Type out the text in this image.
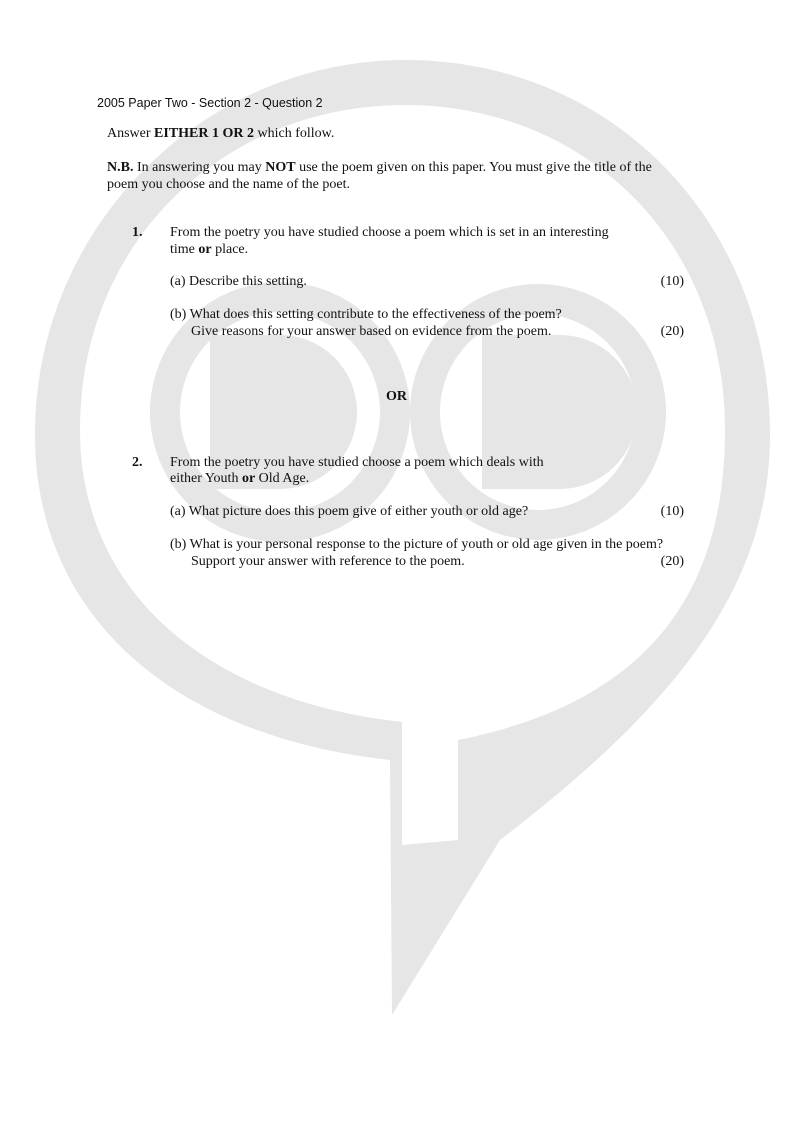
2005 Paper Two - Section 2 - Question 2
Answer EITHER 1 OR 2 which follow.
N.B. In answering you may NOT use the poem given on this paper. You must give the title of the
poem you choose and the name of the poet.
1. From the poetry you have studied choose a poem which is set in an interesting
time or place.
(a) Describe this setting.	(10)
(b) What does this setting contribute to the effectiveness of the poem?
Give reasons for your answer based on evidence from the poem.	(20)
OR
2. From the poetry you have studied choose a poem which deals with
either Youth or Old Age.
(a) What picture does this poem give of either youth or old age?	(10)
(b) What is your personal response to the picture of youth or old age given in the poem?
Support your answer with reference to the poem.	(20)
